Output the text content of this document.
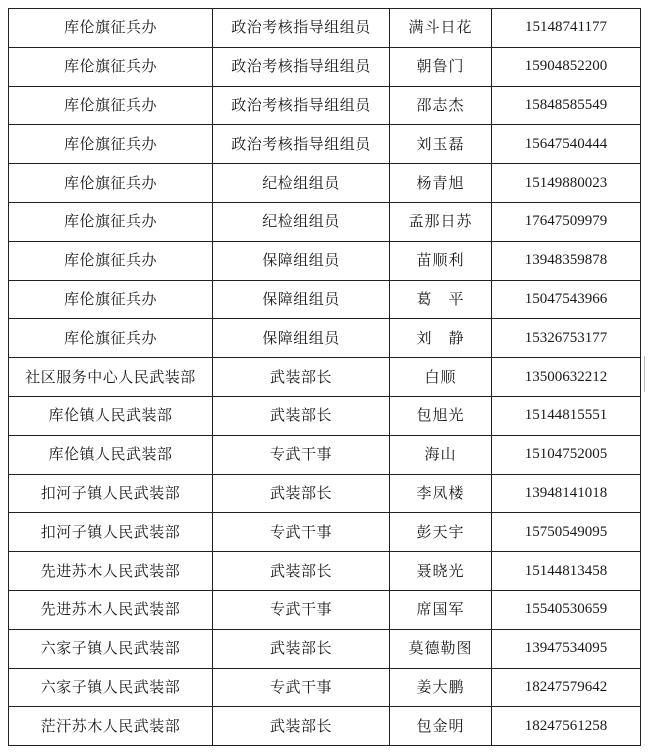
库伦旗征兵办	政治考核指导组组员	满斗日花	15148741177
库伦旗征兵办	政治考核指导组组员	朝鲁门	15904852200
库伦旗征兵办	政治考核指导组组员	邵志杰	15848585549
库伦旗征兵办	政治考核指导组组员	刘玉磊	15647540444
库伦旗征兵办	纪检组组员	杨青旭	15149880023
库伦旗征兵办	纪检组组员	孟那日苏	17647509979
库伦旗征兵办	保障组组员	苗顺利	13948359878
库伦旗征兵办	保障组组员	葛　平	15047543966
库伦旗征兵办	保障组组员	刘　静	15326753177
社区服务中心人民武装部	武装部长	白顺	13500632212
库伦镇人民武装部	武装部长	包旭光	15144815551
库伦镇人民武装部	专武干事	海山	15104752005
扣河子镇人民武装部	武装部长	李凤楼	13948141018
扣河子镇人民武装部	专武干事	彭天宇	15750549095
先进苏木人民武装部	武装部长	聂晓光	15144813458
先进苏木人民武装部	专武干事	席国军	15540530659
六家子镇人民武装部	武装部长	莫德勒图	13947534095
六家子镇人民武装部	专武干事	姜大鹏	18247579642
茫汗苏木人民武装部	武装部长	包金明	18247561258
